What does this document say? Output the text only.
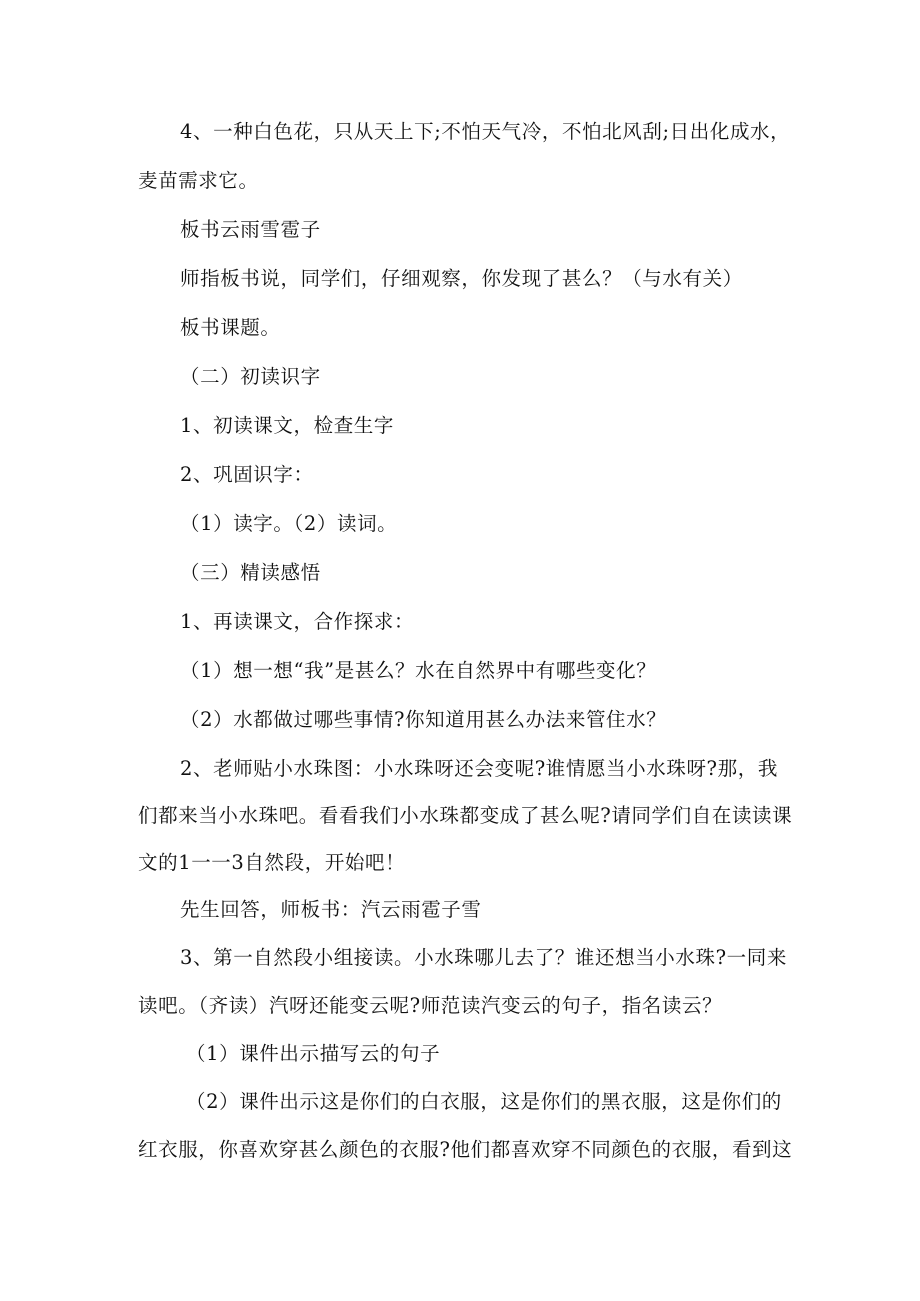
4、一种白色花，只从天上下;不怕天气冷，不怕北风刮;日出化成水，

麦苗需求它。

板书云雨雪雹子

师指板书说，同学们，仔细观察，你发现了甚么？（与水有关）

板书课题。

（二）初读识字

1、初读课文，检查生字

2、巩固识字：

（1）读字。（2）读词。

（三）精读感悟

1、再读课文，合作探求：

（1）想一想“我”是甚么？水在自然界中有哪些变化？

（2）水都做过哪些事情?你知道用甚么办法来管住水？

2、老师贴小水珠图：小水珠呀还会变呢?谁情愿当小水珠呀?那，我

们都来当小水珠吧。看看我们小水珠都变成了甚么呢?请同学们自在读读课

文的1一一3自然段，开始吧！

先生回答，师板书：汽云雨雹子雪

3、第一自然段小组接读。小水珠哪儿去了？谁还想当小水珠?一同来

读吧。（齐读）汽呀还能变云呢?师范读汽变云的句子，指名读云？

（1）课件出示描写云的句子

（2）课件出示这是你们的白衣服，这是你们的黑衣服，这是你们的

红衣服，你喜欢穿甚么颜色的衣服?他们都喜欢穿不同颜色的衣服，看到这
